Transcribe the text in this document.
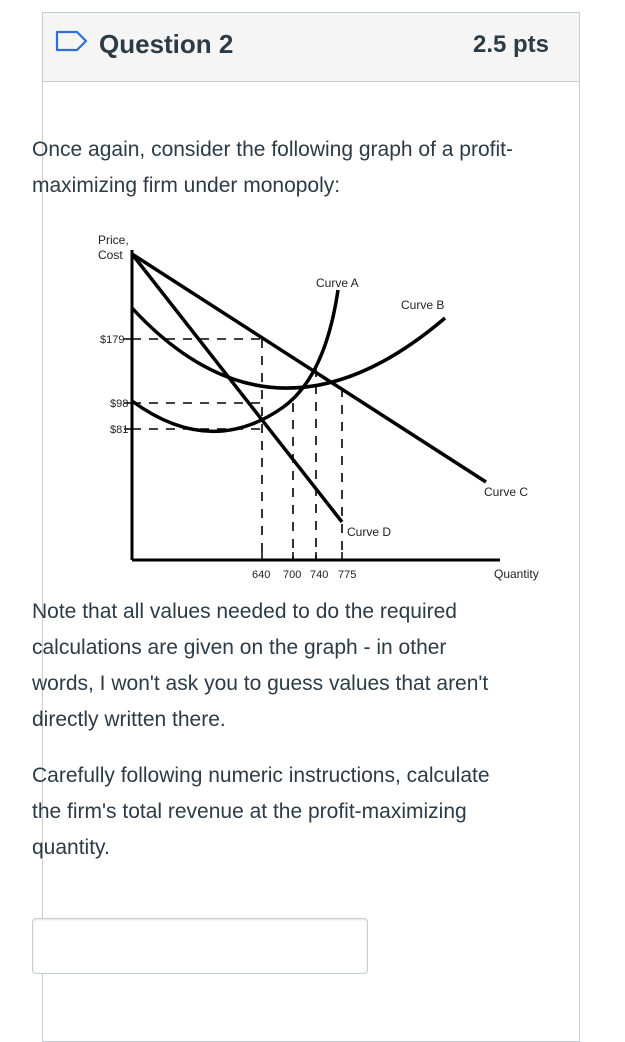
Question 2	2.5 pts
Once again, consider the following graph of a profit-maximizing firm under monopoly:
Price,
Cost
$179
$98
$81
640 700 740 775	Quantity
Curve A
Curve B
Curve C
Curve D
Note that all values needed to do the required calculations are given on the graph - in other words, I won't ask you to guess values that aren't directly written there.
Carefully following numeric instructions, calculate the firm's total revenue at the profit-maximizing quantity.
